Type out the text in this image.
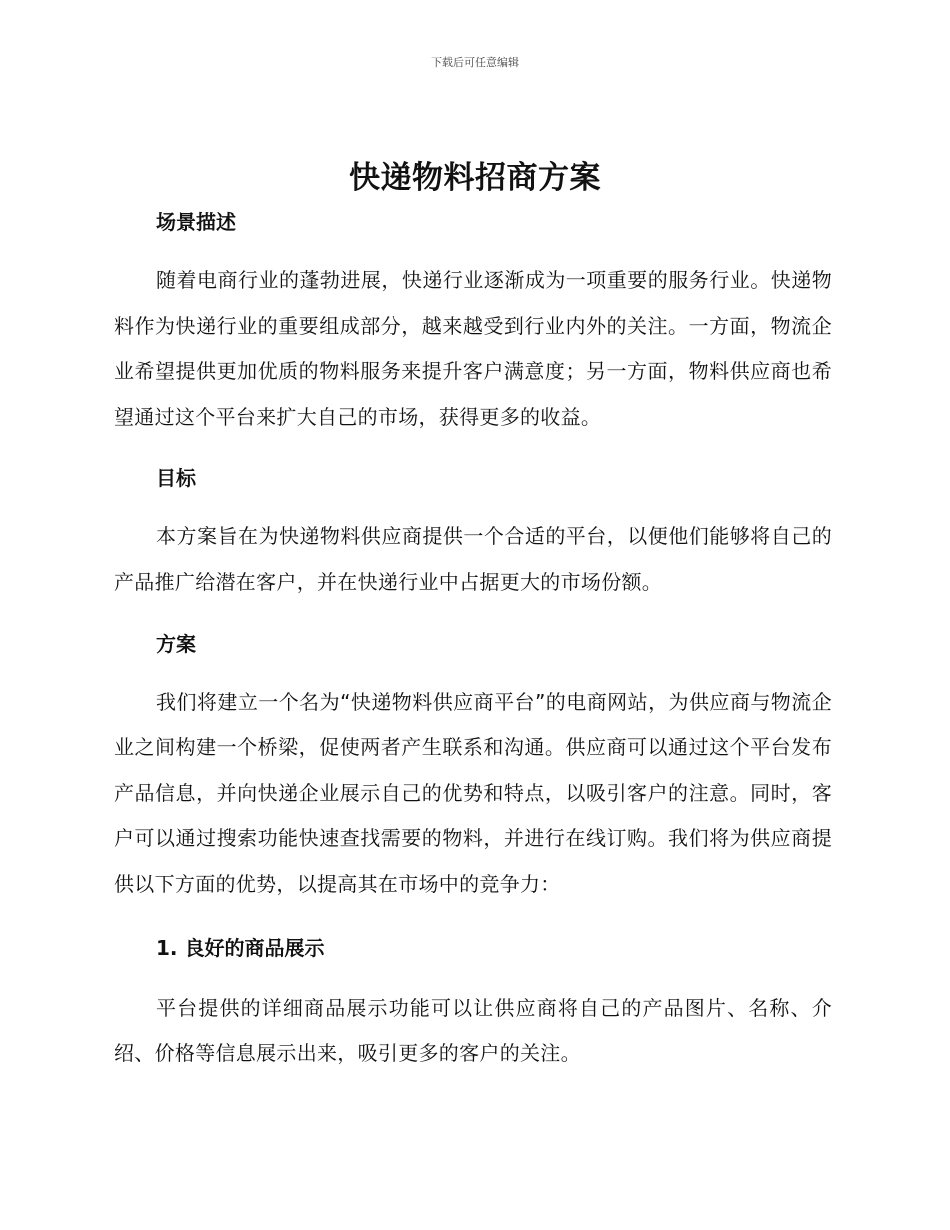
下载后可任意编辑
快递物料招商方案
场景描述

随着电商行业的蓬勃进展，快递行业逐渐成为一项重要的服务行业。快递物料作为快递行业的重要组成部分，越来越受到行业内外的关注。一方面，物流企业希望提供更加优质的物料服务来提升客户满意度；另一方面，物料供应商也希望通过这个平台来扩大自己的市场，获得更多的收益。

目标

本方案旨在为快递物料供应商提供一个合适的平台，以便他们能够将自己的产品推广给潜在客户，并在快递行业中占据更大的市场份额。

方案

我们将建立一个名为“快递物料供应商平台”的电商网站，为供应商与物流企业之间构建一个桥梁，促使两者产生联系和沟通。供应商可以通过这个平台发布产品信息，并向快递企业展示自己的优势和特点，以吸引客户的注意。同时，客户可以通过搜索功能快速查找需要的物料，并进行在线订购。我们将为供应商提供以下方面的优势，以提高其在市场中的竞争力：

1. 良好的商品展示

平台提供的详细商品展示功能可以让供应商将自己的产品图片、名称、介绍、价格等信息展示出来，吸引更多的客户的关注。
